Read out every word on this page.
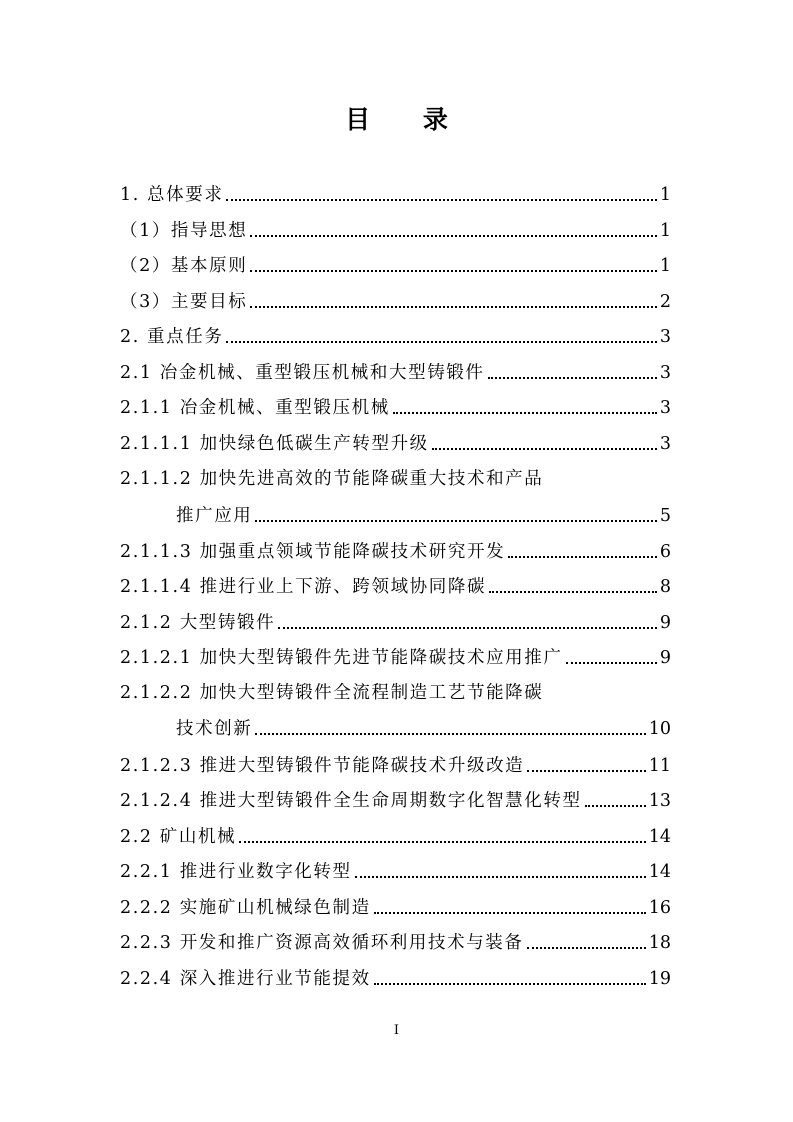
目 录
1. 总体要求	1
（1）指导思想	1
（2）基本原则	1
（3）主要目标	2
2. 重点任务	3
2.1 冶金机械、重型锻压机械和大型铸锻件	3
2.1.1 冶金机械、重型锻压机械	3
2.1.1.1 加快绿色低碳生产转型升级	3
2.1.1.2 加快先进高效的节能降碳重大技术和产品
推广应用	5
2.1.1.3 加强重点领域节能降碳技术研究开发	6
2.1.1.4 推进行业上下游、跨领域协同降碳	8
2.1.2 大型铸锻件	9
2.1.2.1 加快大型铸锻件先进节能降碳技术应用推广	9
2.1.2.2 加快大型铸锻件全流程制造工艺节能降碳
技术创新	10
2.1.2.3 推进大型铸锻件节能降碳技术升级改造	11
2.1.2.4 推进大型铸锻件全生命周期数字化智慧化转型	13
2.2 矿山机械	14
2.2.1 推进行业数字化转型	14
2.2.2 实施矿山机械绿色制造	16
2.2.3 开发和推广资源高效循环利用技术与装备	18
2.2.4 深入推进行业节能提效	19
I
